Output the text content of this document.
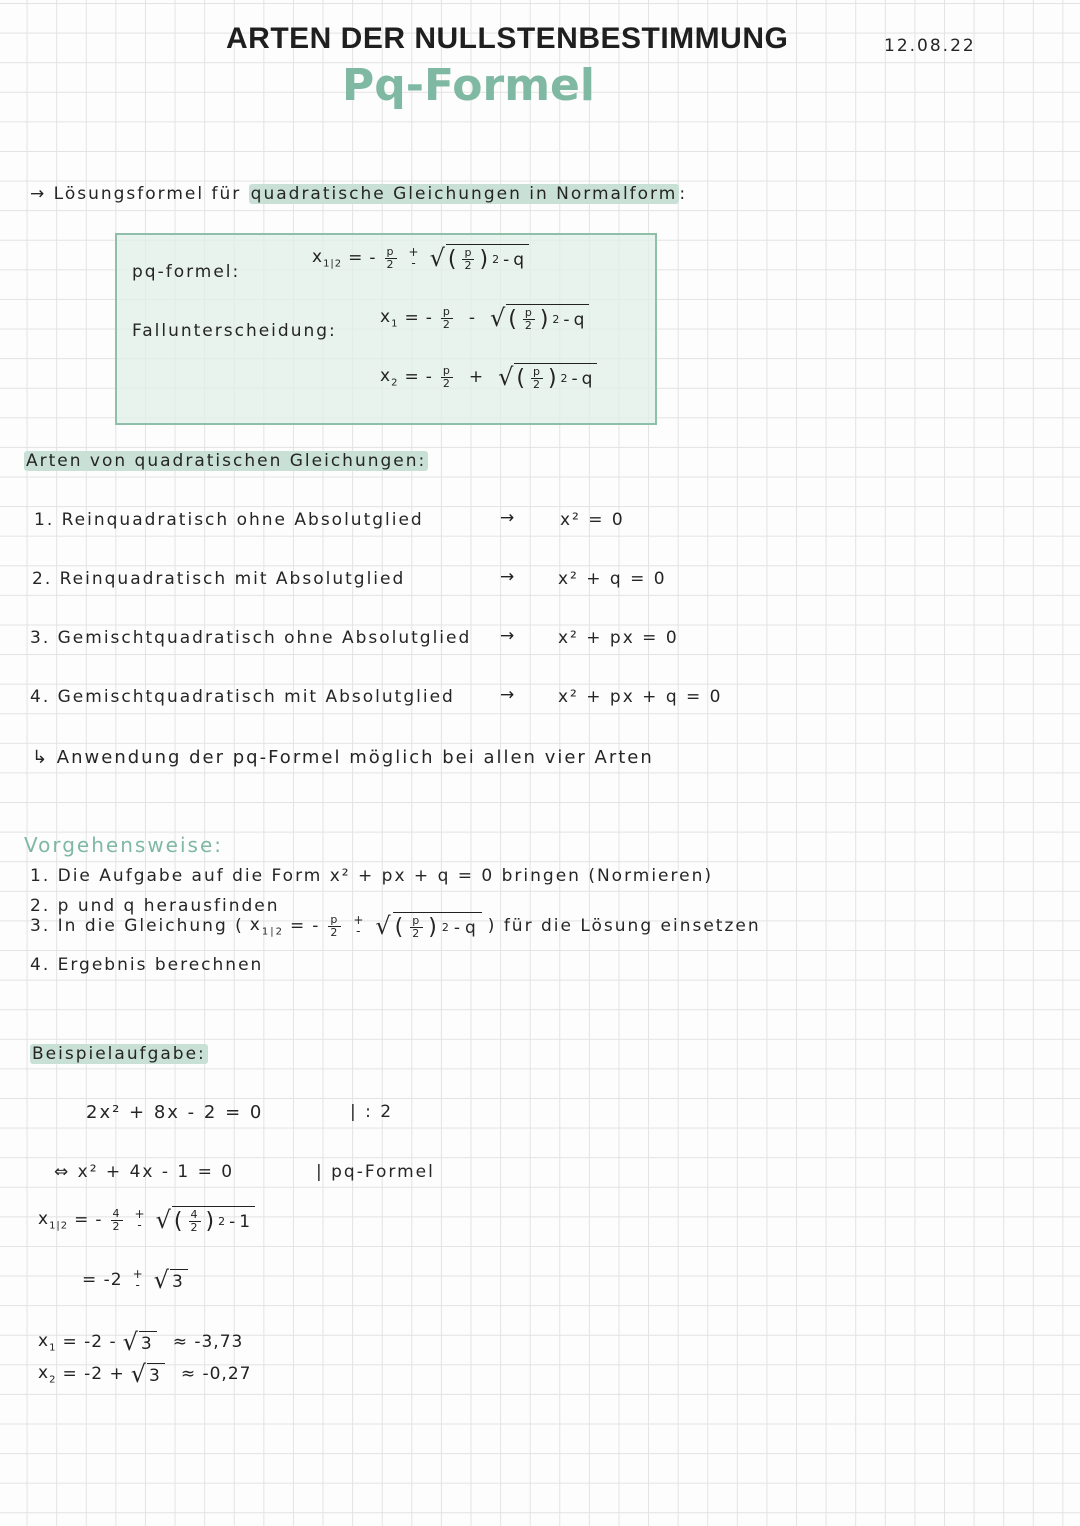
ARTEN DER NULLSTENBESTIMMUNG
Pq-Formel
12.08.22
→ Lösungsformel für quadratische Gleichungen in Normalform :
pq-formel:
$x_{1|2}$ = - $\frac{p}{2}$ +
- √ ( $\frac{p}{2}$ ) 2 - q
Fallunterscheidung:
$x_1$ = - $\frac{p}{2}$ - √ ( $\frac{p}{2}$ ) 2 - q
$x_2$ = - $\frac{p}{2}$ + √ ( $\frac{p}{2}$ ) 2 - q
Arten von quadratischen Gleichungen:
1. Reinquadratisch ohne Absolutglied	→	x² = 0
2. Reinquadratisch mit Absolutglied	→	x² + q = 0
3. Gemischtquadratisch ohne Absolutglied →	x² + px = 0
4. Gemischtquadratisch mit Absolutglied	→	x² + px + q = 0
↳ Anwendung der pq-Formel möglich bei allen vier Arten
Vorgehensweise:
1. Die Aufgabe auf die Form x² + px + q = 0 bringen (Normieren)
2. p und q herausfinden
3. In die Gleichung ( $x_{1|2}$ = - $\frac{p}{2}$ +
- √ ( $\frac{p}{2}$ ) 2 - q ) für die Lösung einsetzen
4. Ergebnis berechnen
Beispielaufgabe:
2x² + 8x - 2 = 0	| : 2
⇔ x² + 4x - 1 = 0	| pq-Formel
$x_{1|2}$ = - $\frac{4}{2}$ +
- √ ( $\frac{4}{2}$ ) 2 - 1
= -2 +
- √ 3
$x_1 = -2$ - √ 3 ≈ -3,73
$x_2 = -2$ + √ 3 ≈ -0,27
